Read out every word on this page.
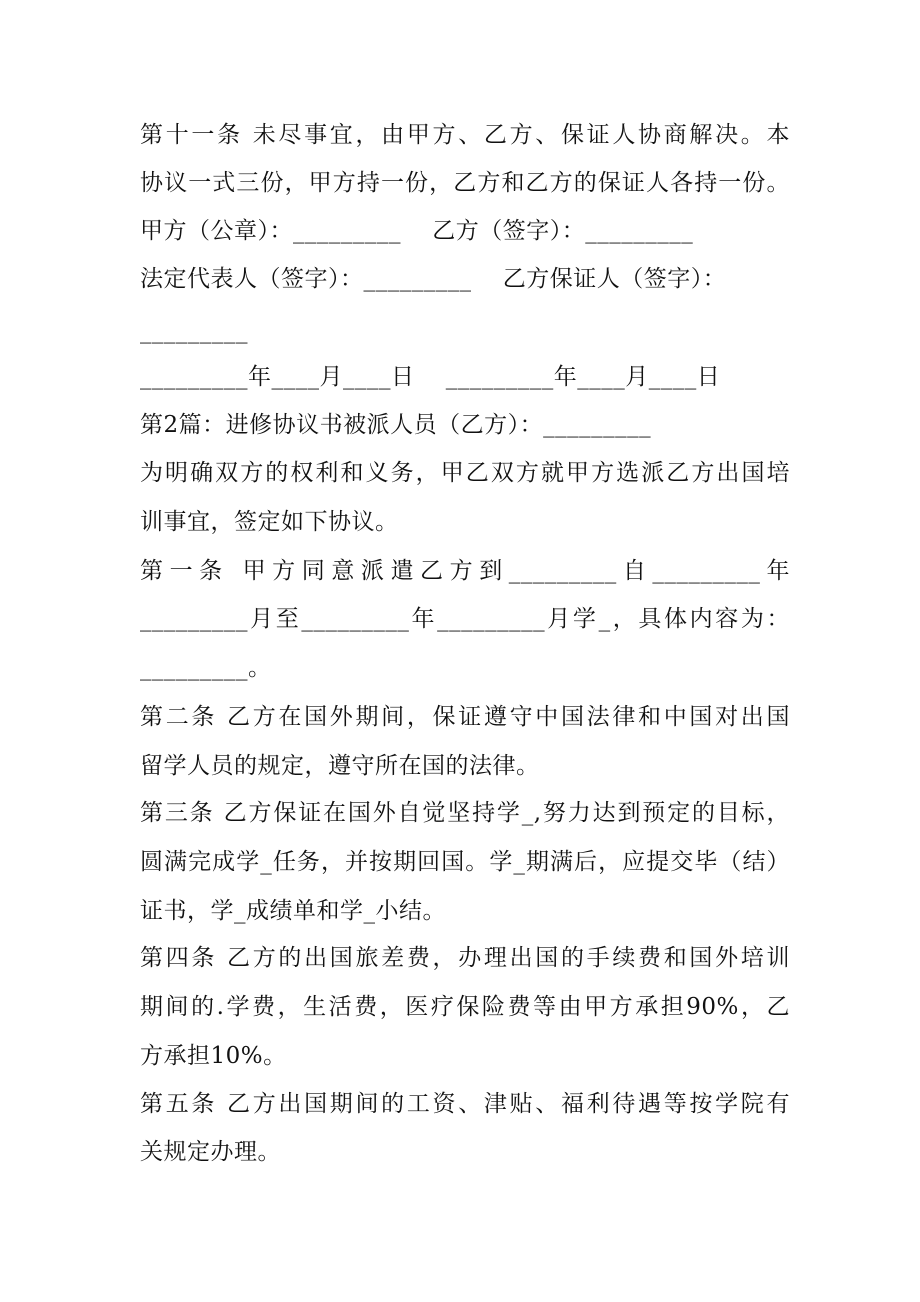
第十一条 未尽事宜，由甲方、乙方、保证人协商解决。本
协议一式三份，甲方持一份，乙方和乙方的保证人各持一份。
甲方（公章）：_________    乙方（签字）：_________
法定代表人（签字）：_________    乙方保证人（签字）：
_________
_________年____月____日    _________年____月____日
第2篇：进修协议书被派人员（乙方）：_________
为明确双方的权利和义务，甲乙双方就甲方选派乙方出国培
训事宜，签定如下协议。
第一条 甲方同意派遣乙方到_________自_________年
_________月至_________年_________月学_，具体内容为：
_________。
第二条 乙方在国外期间，保证遵守中国法律和中国对出国
留学人员的规定，遵守所在国的法律。
第三条 乙方保证在国外自觉坚持学_,努力达到预定的目标，
圆满完成学_任务，并按期回国。学_期满后，应提交毕（结）
证书，学_成绩单和学_小结。
第四条 乙方的出国旅差费，办理出国的手续费和国外培训
期间的.学费，生活费，医疗保险费等由甲方承担90%，乙
方承担10%。
第五条 乙方出国期间的工资、津贴、福利待遇等按学院有
关规定办理。
